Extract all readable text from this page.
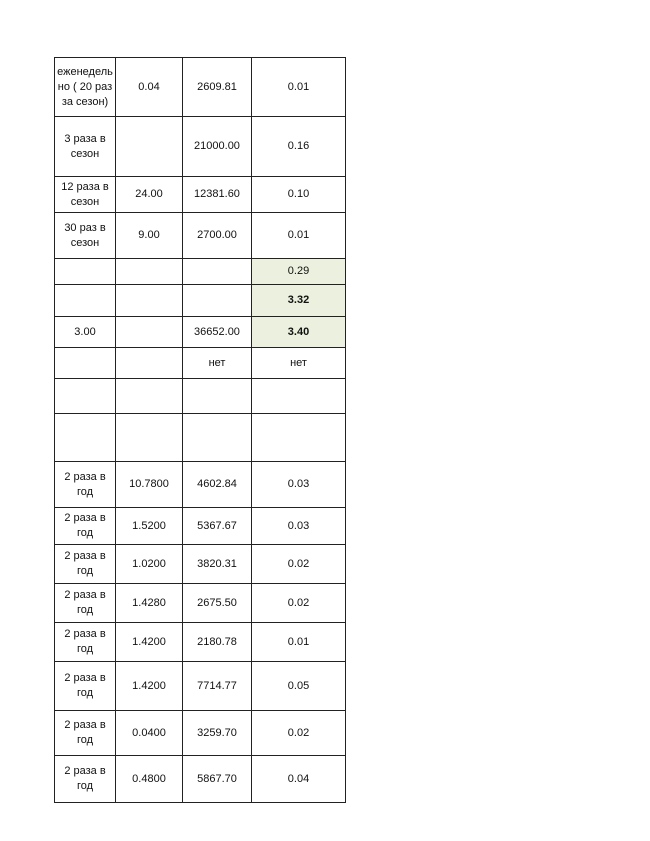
еженедель
но ( 20 раз
за сезон)	0.04	2609.81	0.01
3 раза в
сезон		21000.00	0.16
12 раза в
сезон	24.00	12381.60	0.10
30 раз в
сезон	9.00	2700.00	0.01
			0.29
			3.32
3.00		36652.00	3.40
		нет	нет

2 раза в
год	10.7800	4602.84	0.03
2 раза в
год	1.5200	5367.67	0.03
2 раза в
год	1.0200	3820.31	0.02
2 раза в
год	1.4280	2675.50	0.02
2 раза в
год	1.4200	2180.78	0.01
2 раза в
год	1.4200	7714.77	0.05
2 раза в
год	0.0400	3259.70	0.02
2 раза в
год	0.4800	5867.70	0.04
